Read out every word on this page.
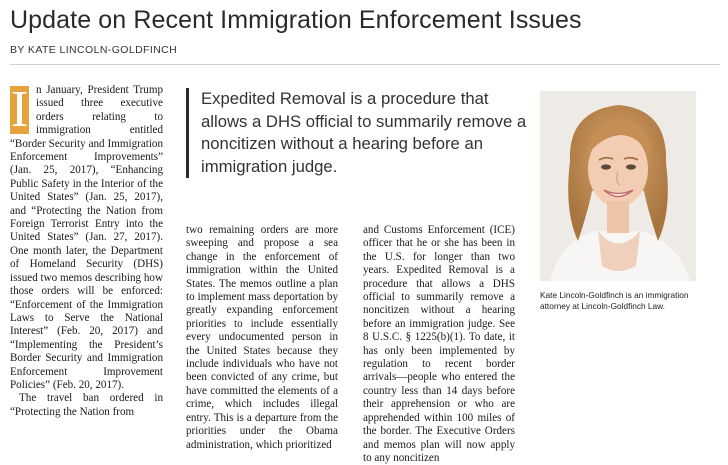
Update on Recent Immigration Enforcement Issues
BY KATE LINCOLN-GOLDFINCH
I n January, President Trump issued three executive orders relating to immigration entitled “Border Security and Immigration Enforcement Improvements” (Jan. 25, 2017), “Enhancing Public Safety in the Interior of the United States” (Jan. 25, 2017), and “Protecting the Nation from Foreign Terrorist Entry into the United States” (Jan. 27, 2017). One month later, the Department of Homeland Security (DHS) issued two memos describing how those orders will be enforced: “Enforcement of the Immigration Laws to Serve the National Interest” (Feb. 20, 2017) and “Implementing the President’s Border Security and Immigration Enforcement Improvement Policies” (Feb. 20, 2017).

The travel ban ordered in “Protecting the Nation from

Expedited Removal is a procedure that allows a DHS official to summarily remove a noncitizen without a hearing before an immigration judge.

two remaining orders are more sweeping and propose a sea change in the enforcement of immigration within the United States. The memos outline a plan to implement mass deportation by greatly expanding enforcement priorities to include essentially every undocumented person in the United States because they include individuals who have not been convicted of any crime, but have committed the elements of a crime, which includes illegal entry. This is a departure from the priorities under the Obama administration, which prioritized

and Customs Enforcement (ICE) officer that he or she has been in the U.S. for longer than two years. Expedited Removal is a procedure that allows a DHS official to summarily remove a noncitizen without a hearing before an immigration judge. See 8 U.S.C. § 1225(b)(1). To date, it has only been implemented by regulation to recent border arrivals—people who entered the country less than 14 days before their apprehension or who are apprehended within 100 miles of the border. The Executive Orders and memos plan will now apply to any noncitizen

Kate Lincoln-Goldfinch is an immigration attorney at Lincoln-Goldfinch Law.
